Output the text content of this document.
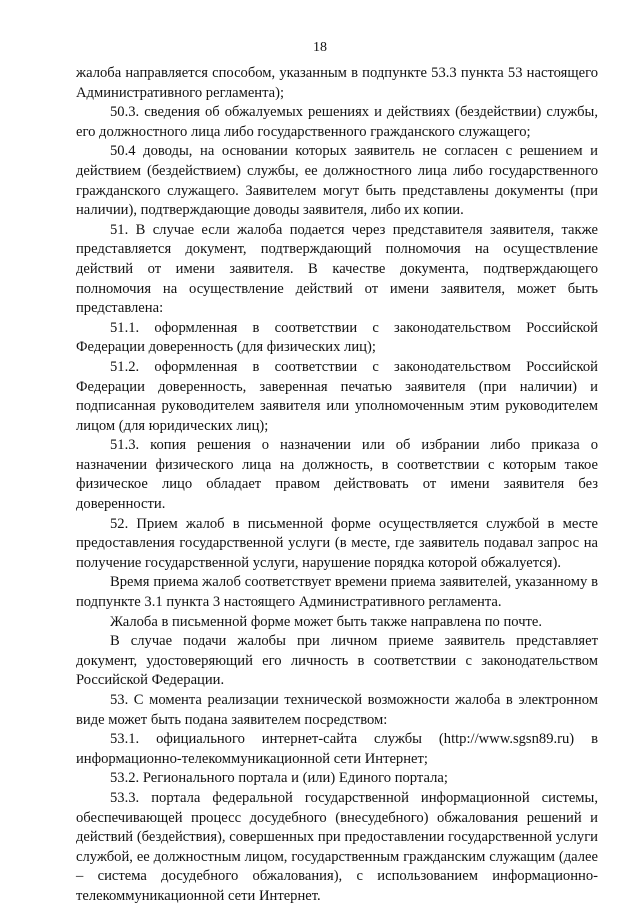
18

жалоба направляется способом, указанным в подпункте 53.3 пункта 53 настоящего Административного регламента);

50.3. сведения об обжалуемых решениях и действиях (бездействии) службы, его должностного лица либо государственного гражданского служащего;

50.4 доводы, на основании которых заявитель не согласен с решением и действием (бездействием) службы, ее должностного лица либо государственного гражданского служащего. Заявителем могут быть представлены документы (при наличии), подтверждающие доводы заявителя, либо их копии.

51. В случае если жалоба подается через представителя заявителя, также представляется документ, подтверждающий полномочия на осуществление действий от имени заявителя. В качестве документа, подтверждающего полномочия на осуществление действий от имени заявителя, может быть представлена:

51.1. оформленная в соответствии с законодательством Российской Федерации доверенность (для физических лиц);

51.2. оформленная в соответствии с законодательством Российской Федерации доверенность, заверенная печатью заявителя (при наличии) и подписанная руководителем заявителя или уполномоченным этим руководителем лицом (для юридических лиц);

51.3. копия решения о назначении или об избрании либо приказа о назначении физического лица на должность, в соответствии с которым такое физическое лицо обладает правом действовать от имени заявителя без доверенности.

52. Прием жалоб в письменной форме осуществляется службой в месте предоставления государственной услуги (в месте, где заявитель подавал запрос на получение государственной услуги, нарушение порядка которой обжалуется).

Время приема жалоб соответствует времени приема заявителей, указанному в подпункте 3.1 пункта 3 настоящего Административного регламента.

Жалоба в письменной форме может быть также направлена по почте.

В случае подачи жалобы при личном приеме заявитель представляет документ, удостоверяющий его личность в соответствии с законодательством Российской Федерации.

53. С момента реализации технической возможности жалоба в электронном виде может быть подана заявителем посредством:

53.1. официального интернет-сайта службы (http://www.sgsn89.ru) в информационно-телекоммуникационной сети Интернет;

53.2. Регионального портала и (или) Единого портала;

53.3. портала федеральной государственной информационной системы, обеспечивающей процесс досудебного (внесудебного) обжалования решений и действий (бездействия), совершенных при предоставлении государственной услуги службой, ее должностным лицом, государственным гражданским служащим (далее – система досудебного обжалования), с использованием информационно-телекоммуникационной сети Интернет.
